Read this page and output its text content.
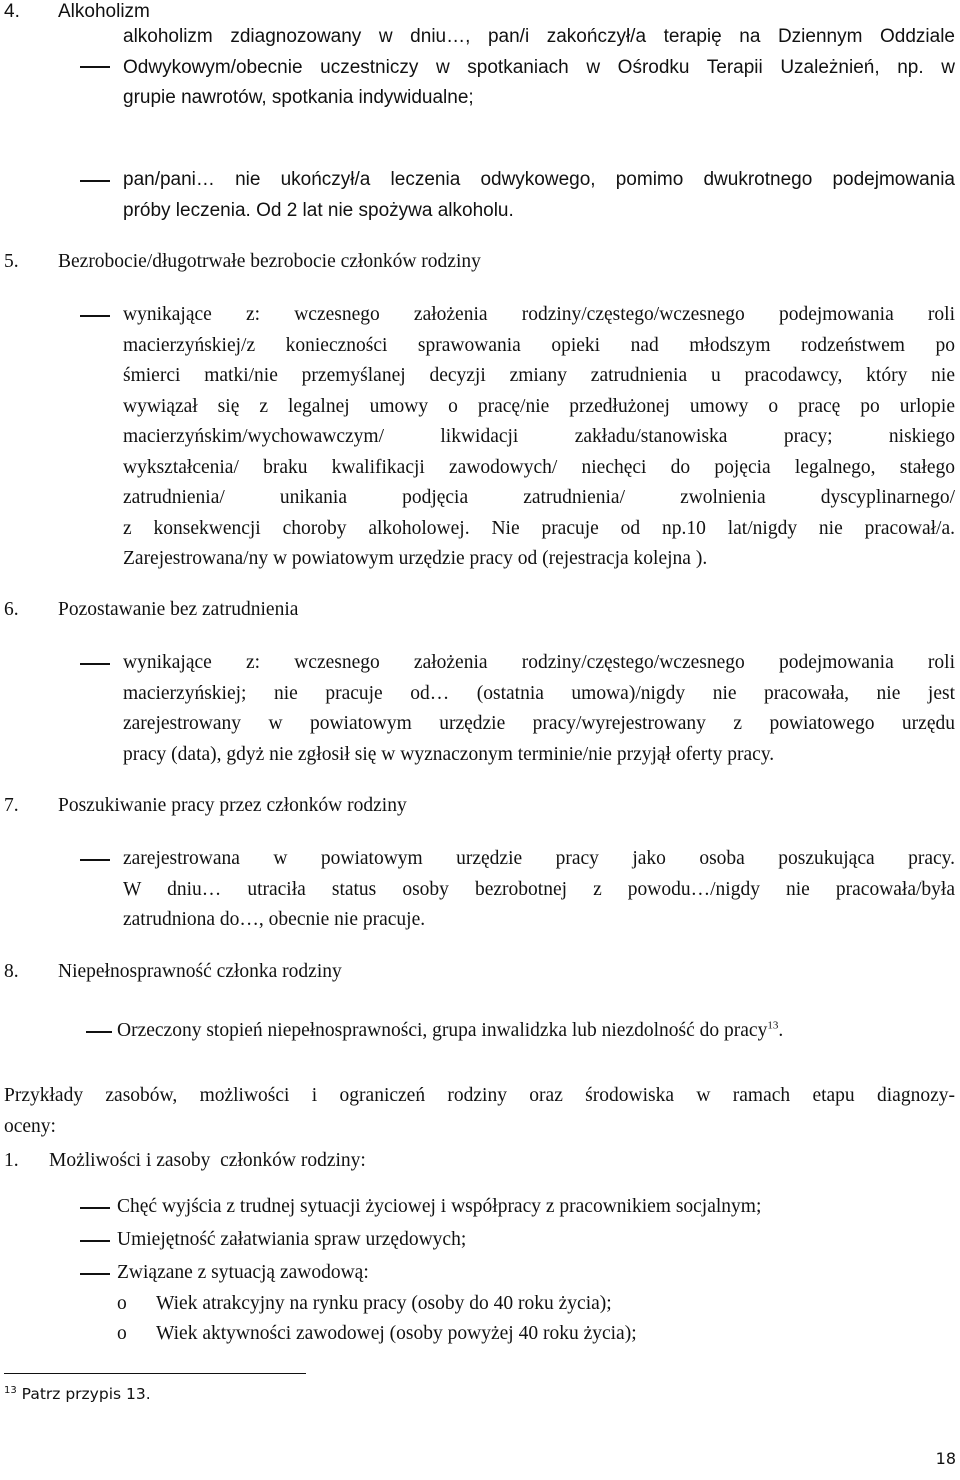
4. Alkoholizm
alkoholizm zdiagnozowany w dniu…, pan/i zakończył/a terapię na Dziennym Oddziale
Odwykowym/obecnie uczestniczy w spotkaniach w Ośrodku Terapii Uzależnień, np. w
grupie nawrotów, spotkania indywidualne;
pan/pani… nie ukończył/a leczenia odwykowego, pomimo dwukrotnego podejmowania
próby leczenia. Od 2 lat nie spożywa alkoholu.
5. Bezrobocie/długotrwałe bezrobocie członków rodziny
wynikające z: wczesnego założenia rodziny/częstego/wczesnego podejmowania roli
macierzyńskiej/z konieczności sprawowania opieki nad młodszym rodzeństwem po
śmierci matki/nie przemyślanej decyzji zmiany zatrudnienia u pracodawcy, który nie
wywiązał się z legalnej umowy o pracę/nie przedłużonej umowy o pracę po urlopie
macierzyńskim/wychowawczym/ likwidacji zakładu/stanowiska pracy; niskiego
wykształcenia/ braku kwalifikacji zawodowych/ niechęci do pojęcia legalnego, stałego
zatrudnienia/ unikania podjęcia zatrudnienia/ zwolnienia dyscyplinarnego/
z konsekwencji choroby alkoholowej. Nie pracuje od np.10 lat/nigdy nie pracował/a.
Zarejestrowana/ny w powiatowym urzędzie pracy od (rejestracja kolejna ).
6. Pozostawanie bez zatrudnienia
wynikające z: wczesnego założenia rodziny/częstego/wczesnego podejmowania roli
macierzyńskiej; nie pracuje od… (ostatnia umowa)/nigdy nie pracowała, nie jest
zarejestrowany w powiatowym urzędzie pracy/wyrejestrowany z powiatowego urzędu
pracy (data), gdyż nie zgłosił się w wyznaczonym terminie/nie przyjął oferty pracy.
7. Poszukiwanie pracy przez członków rodziny
zarejestrowana w powiatowym urzędzie pracy jako osoba poszukująca pracy.
W dniu… utraciła status osoby bezrobotnej z powodu…/nigdy nie pracowała/była
zatrudniona do…, obecnie nie pracuje.
8. Niepełnosprawność członka rodziny
Orzeczony stopień niepełnosprawności, grupa inwalidzka lub niezdolność do pracy$^{13}$.
Przykłady zasobów, możliwości i ograniczeń rodziny oraz środowiska w ramach etapu diagnozy-
oceny:
1. Możliwości i zasoby  członków rodziny:
Chęć wyjścia z trudnej sytuacji życiowej i współpracy z pracownikiem socjalnym;
Umiejętność załatwiania spraw urzędowych;
Związane z sytuacją zawodową:
o Wiek atrakcyjny na rynku pracy (osoby do 40 roku życia);
o Wiek aktywności zawodowej (osoby powyżej 40 roku życia);
$^{13}$ Patrz przypis 13.
18
